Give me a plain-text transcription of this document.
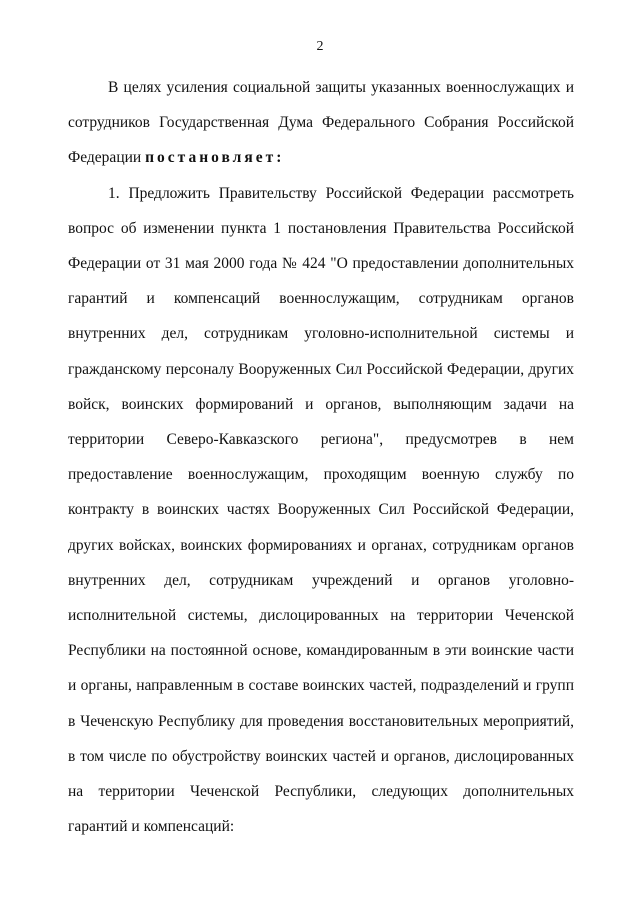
2

В целях усиления социальной защиты указанных военнослужащих и сотрудников Государственная Дума Федерального Собрания Российской Федерации постановляет:

1. Предложить Правительству Российской Федерации рассмотреть вопрос об изменении пункта 1 постановления Правительства Российской Федерации от 31 мая 2000 года № 424 "О предоставлении дополнительных гарантий и компенсаций военнослужащим, сотрудникам органов внутренних дел, сотрудникам уголовно-исполнительной системы и гражданскому персоналу Вооруженных Сил Российской Федерации, других войск, воинских формирований и органов, выполняющим задачи на территории Северо-Кавказского региона", предусмотрев в нем предоставление военнослужащим, проходящим военную службу по контракту в воинских частях Вооруженных Сил Российской Федерации, других войсках, воинских формированиях и органах, сотрудникам органов внутренних дел, сотрудникам учреждений и органов уголовно-исполнительной системы, дислоцированных на территории Чеченской Республики на постоянной основе, командированным в эти воинские части и органы, направленным в составе воинских частей, подразделений и групп в Чеченскую Республику для проведения восстановительных мероприятий, в том числе по обустройству воинских частей и органов, дислоцированных на территории Чеченской Республики, следующих дополнительных гарантий и компенсаций:
